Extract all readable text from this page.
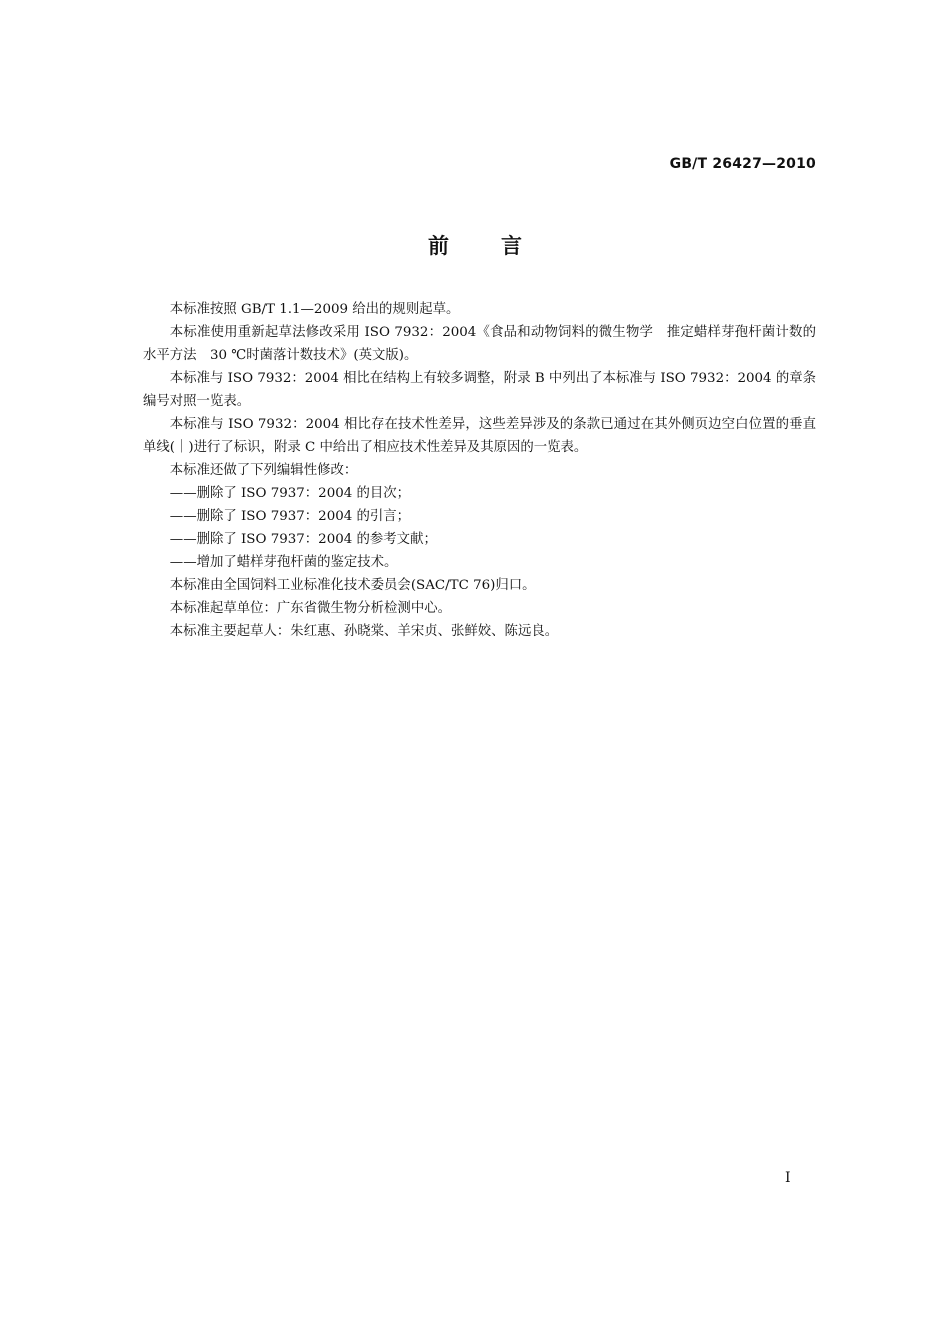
GB/T 26427—2010
前 言

本标准按照 GB/T 1.1—2009 给出的规则起草。

本标准使用重新起草法修改采用 ISO 7932：2004《食品和动物饲料的微生物学　推定蜡样芽孢杆菌计数的水平方法　30 ℃时菌落计数技术》(英文版)。

本标准与 ISO 7932：2004 相比在结构上有较多调整，附录 B 中列出了本标准与 ISO 7932：2004 的章条编号对照一览表。

本标准与 ISO 7932：2004 相比存在技术性差异，这些差异涉及的条款已通过在其外侧页边空白位置的垂直单线(｜)进行了标识，附录 C 中给出了相应技术性差异及其原因的一览表。

本标准还做了下列编辑性修改：

——删除了 ISO 7937：2004 的目次；

——删除了 ISO 7937：2004 的引言；

——删除了 ISO 7937：2004 的参考文献；

——增加了蜡样芽孢杆菌的鉴定技术。

本标准由全国饲料工业标准化技术委员会(SAC/TC 76)归口。

本标准起草单位：广东省微生物分析检测中心。

本标准主要起草人：朱红惠、孙晓棠、羊宋贞、张鲜姣、陈远良。

I
